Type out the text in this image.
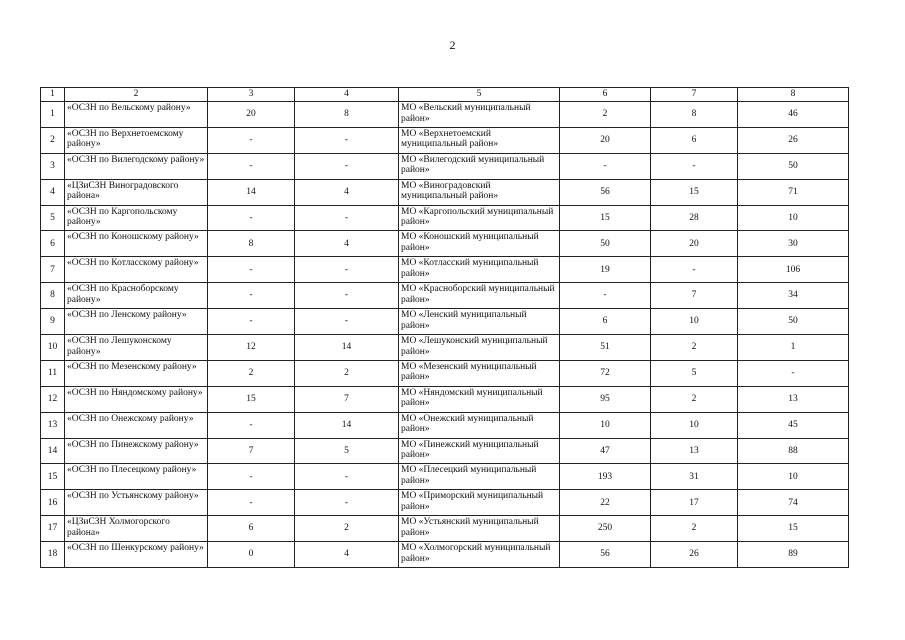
2
1	2	3	4	5	6	7	8
1	«ОСЗН по Вельскому району»	20	8	МО «Вельский муниципальный район»	2	8	46
2	«ОСЗН по Верхнетоемскому району»	-	-	МО «Верхнетоемский муниципальный район»	20	6	26
3	«ОСЗН по Вилегодскому району»	-	-	МО «Вилегодский муниципальный район»	-	-	50
4	«ЦЗиСЗН Виноградовского района»	14	4	МО «Виноградовский муниципальный район»	56	15	71
5	«ОСЗН по Каргопольскому району»	-	-	МО «Каргопольский муниципальный район»	15	28	10
6	«ОСЗН по Коношскому району»	8	4	МО «Коношский муниципальный район»	50	20	30
7	«ОСЗН по Котласскому району»	-	-	МО «Котласский муниципальный район»	19	-	106
8	«ОСЗН по Красноборскому району»	-	-	МО «Красноборский муниципальный район»	-	7	34
9	«ОСЗН по Ленскому району»	-	-	МО «Ленский муниципальный район»	6	10	50
10	«ОСЗН по Лешуконскому району»	12	14	МО «Лешуконский муниципальный район»	51	2	1
11	«ОСЗН по Мезенскому району»	2	2	МО «Мезенский муниципальный район»	72	5	-
12	«ОСЗН по Няндомскому району»	15	7	МО «Няндомский муниципальный район»	95	2	13
13	«ОСЗН по Онежскому району»	-	14	МО «Онежский муниципальный район»	10	10	45
14	«ОСЗН по Пинежскому району»	7	5	МО «Пинежский муниципальный район»	47	13	88
15	«ОСЗН по Плесецкому району»	-	-	МО «Плесецкий муниципальный район»	193	31	10
16	«ОСЗН по Устьянскому району»	-	-	МО «Приморский муниципальный район»	22	17	74
17	«ЦЗиСЗН Холмогорского района»	6	2	МО «Устьянский муниципальный район»	250	2	15
18	«ОСЗН по Шенкурскому району»	0	4	МО «Холмогорский муниципальный район»	56	26	89
